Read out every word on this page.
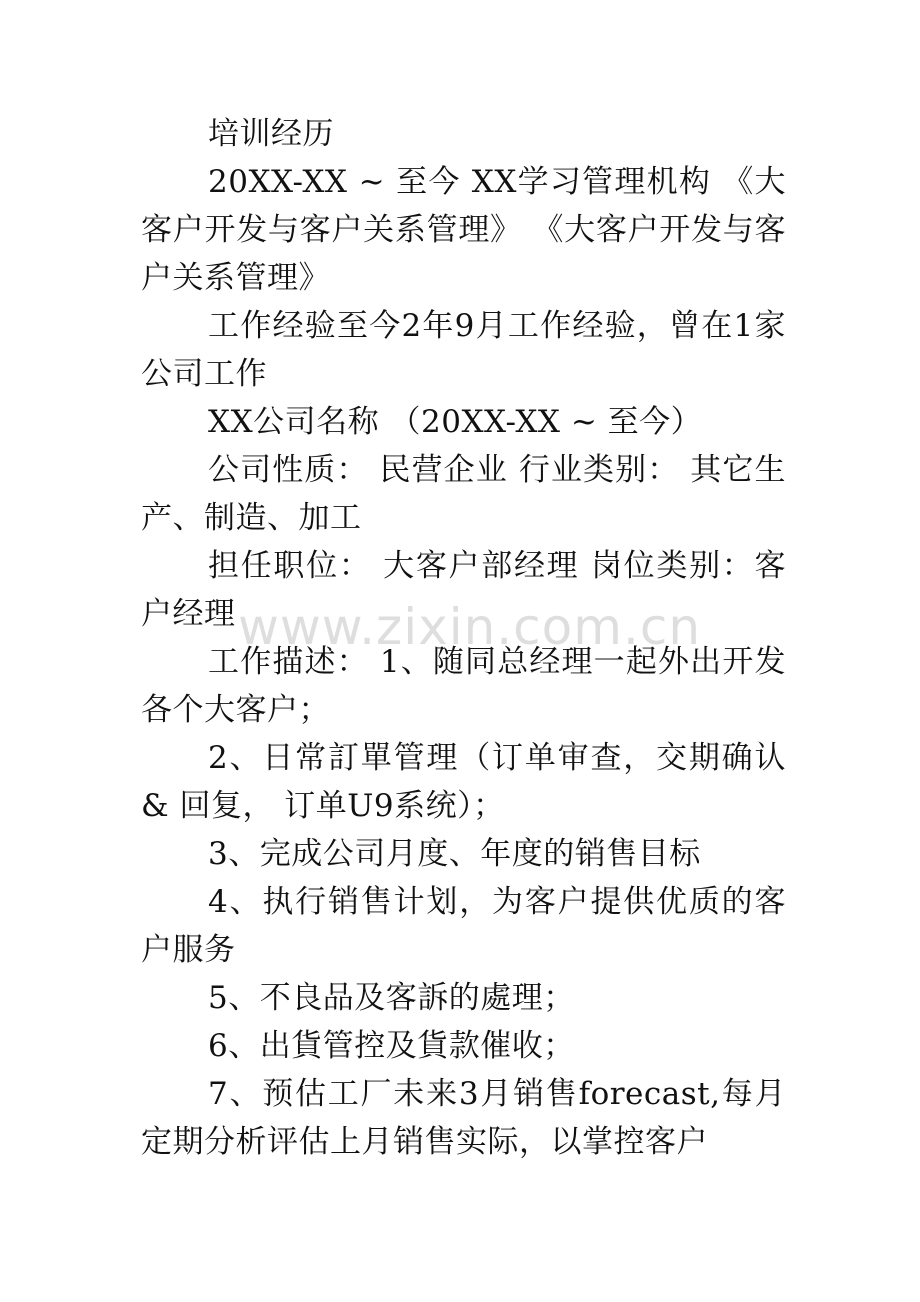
培训经历

20XX-XX ~ 至今 XX学习管理机构 《大客户开发与客户关系管理》 《大客户开发与客户关系管理》

工作经验至今2年9月工作经验，曾在1家公司工作

XX公司名称 （20XX-XX ~ 至今）

公司性质： 民营企业 行业类别： 其它生产、制造、加工

担任职位： 大客户部经理 岗位类别：客户经理

工作描述： 1、随同总经理一起外出开发各个大客户；

2、日常訂單管理（订单审查，交期确认 & 回复， 订单U9系统）；

3、完成公司月度、年度的销售目标

4、执行销售计划，为客户提供优质的客户服务

5、不良品及客訴的處理；

6、出貨管控及貨款催收；

7、预估工厂未来3月销售forecast,每月定期分析评估上月销售实际，以掌控客户

www.zixin.com.cn
